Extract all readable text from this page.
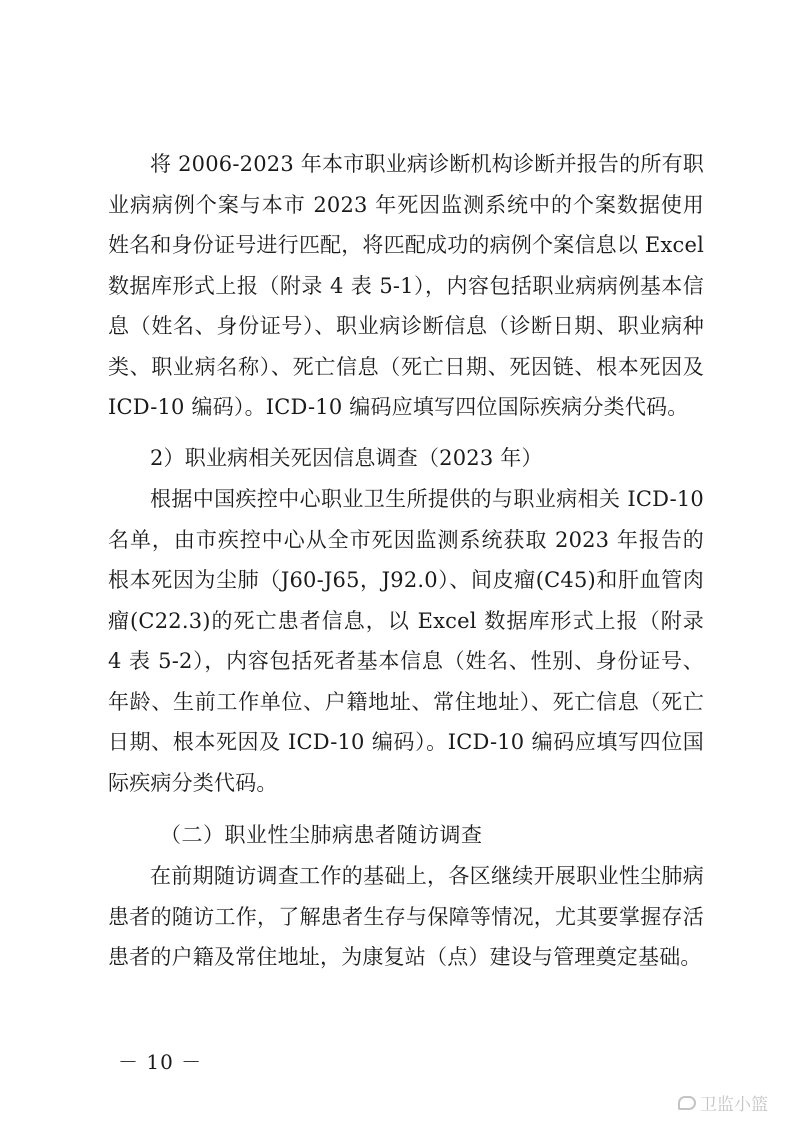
将 2006-2023 年本市职业病诊断机构诊断并报告的所有职业病病例个案与本市 2023 年死因监测系统中的个案数据使用姓名和身份证号进行匹配，将匹配成功的病例个案信息以 Excel 数据库形式上报（附录 4 表 5-1），内容包括职业病病例基本信息（姓名、身份证号）、职业病诊断信息（诊断日期、职业病种类、职业病名称）、死亡信息（死亡日期、死因链、根本死因及 ICD-10 编码）。ICD-10 编码应填写四位国际疾病分类代码。

2）职业病相关死因信息调查（2023 年）

根据中国疾控中心职业卫生所提供的与职业病相关 ICD-10 名单，由市疾控中心从全市死因监测系统获取 2023 年报告的根本死因为尘肺（J60-J65，J92.0）、间皮瘤(C45)和肝血管肉瘤(C22.3)的死亡患者信息，以 Excel 数据库形式上报（附录 4 表 5-2），内容包括死者基本信息（姓名、性别、身份证号、年龄、生前工作单位、户籍地址、常住地址）、死亡信息（死亡日期、根本死因及 ICD-10 编码）。ICD-10 编码应填写四位国际疾病分类代码。

（二）职业性尘肺病患者随访调查

在前期随访调查工作的基础上，各区继续开展职业性尘肺病患者的随访工作，了解患者生存与保障等情况，尤其要掌握存活患者的户籍及常住地址，为康复站（点）建设与管理奠定基础。

－ 10 －
卫监小篮
